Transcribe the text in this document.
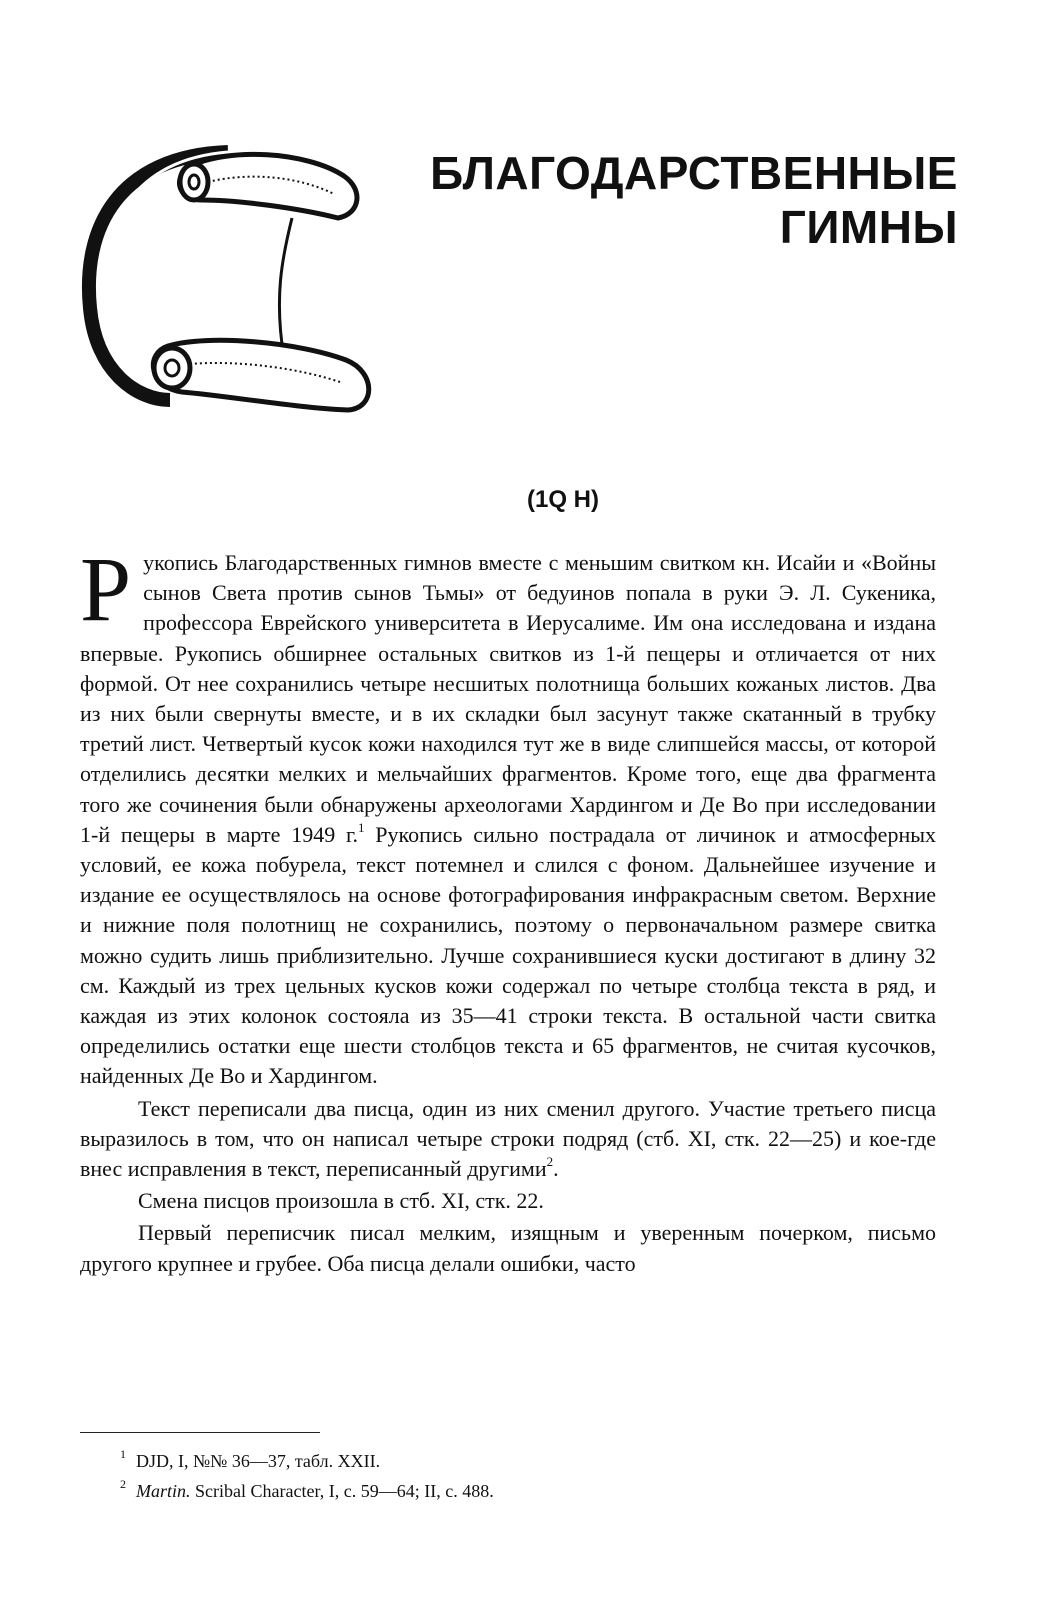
БЛАГОДАРСТВЕННЫЕ
ГИМНЫ
(1Q H)

Рукопись Благодарственных гимнов вместе с меньшим свитком кн. Исайи и «Войны сынов Света против сынов Тьмы» от бедуинов попала в руки Э. Л. Сукеника, профессора Еврейского университета в Иерусалиме. Им она исследована и издана впервые. Рукопись обширнее остальных свитков из 1-й пещеры и отличается от них формой. От нее сохранились четыре несшитых полотнища больших кожаных листов. Два из них были свернуты вместе, и в их складки был засунут также скатанный в трубку третий лист. Четвертый кусок кожи находился тут же в виде слипшейся массы, от которой отделились десятки мелких и мельчайших фрагментов. Кроме того, еще два фрагмента того же сочинения были обнаружены археологами Хардингом и Де Во при исследовании 1-й пещеры в марте 1949 г.$^1$ Рукопись сильно пострадала от личинок и атмосферных условий, ее кожа побурела, текст потемнел и слился с фоном. Дальнейшее изучение и издание ее осуществлялось на основе фотографирования инфракрасным светом. Верхние и нижние поля полотнищ не сохранились, поэтому о первоначальном размере свитка можно судить лишь приблизительно. Лучше сохранившиеся куски достигают в длину 32 см. Каждый из трех цельных кусков кожи содержал по четыре столбца текста в ряд, и каждая из этих колонок состояла из 35—41 строки текста. В остальной части свитка определились остатки еще шести столбцов текста и 65 фрагментов, не считая кусочков, найденных Де Во и Хардингом.

Текст переписали два писца, один из них сменил другого. Участие третьего писца выразилось в том, что он написал четыре строки подряд (стб. XI, стк. 22—25) и кое-где внес исправления в текст, переписанный другими$^2$.

Смена писцов произошла в стб. XI, стк. 22.

Первый переписчик писал мелким, изящным и уверенным почерком, письмо другого крупнее и грубее. Оба писца делали ошибки, часто

1 DJD, I, №№ 36—37, табл. XXII.
2 Martin. Scribal Character, I, с. 59—64; II, с. 488.
